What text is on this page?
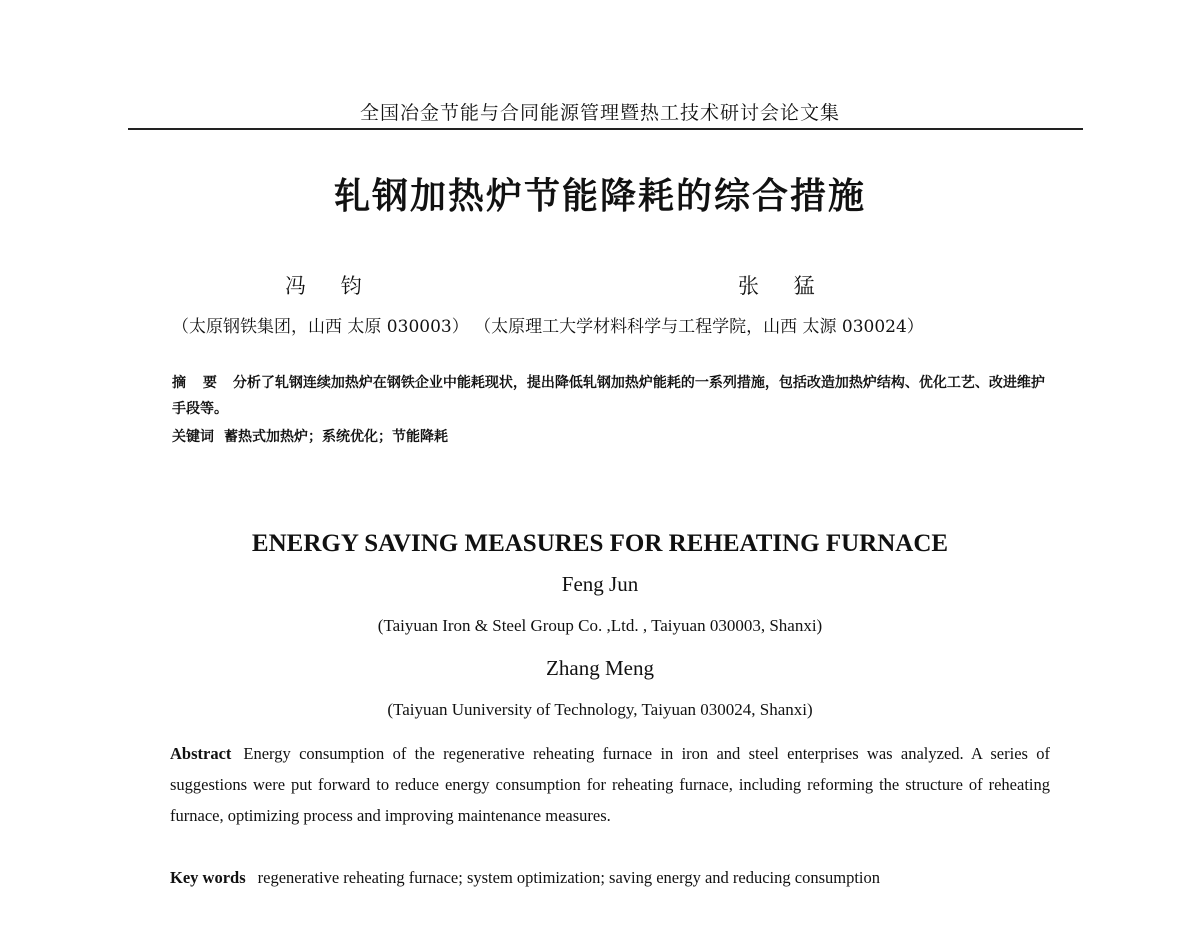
全国冶金节能与合同能源管理暨热工技术研讨会论文集
轧钢加热炉节能降耗的综合措施
冯 钧	张 猛
（太原钢铁集团，山西 太原 030003） （太原理工大学材料科学与工程学院，山西 太源 030024）
摘 要 分析了轧钢连续加热炉在钢铁企业中能耗现状，提出降低轧钢加热炉能耗的一系列措施，包括改造加热炉结构、优化工艺、改进维护手段等。
关键词 蓄热式加热炉；系统优化；节能降耗
ENERGY SAVING MEASURES FOR REHEATING FURNACE
Feng Jun
(Taiyuan Iron & Steel Group Co. ,Ltd. , Taiyuan 030003, Shanxi)
Zhang Meng
(Taiyuan Uuniversity of Technology, Taiyuan 030024, Shanxi)
Abstract Energy consumption of the regenerative reheating furnace in iron and steel enterprises was analyzed. A series of suggestions were put forward to reduce energy consumption for reheating furnace, including reforming the structure of reheating furnace, optimizing process and improving maintenance measures.
Key words regenerative reheating furnace; system optimization; saving energy and reducing consumption
